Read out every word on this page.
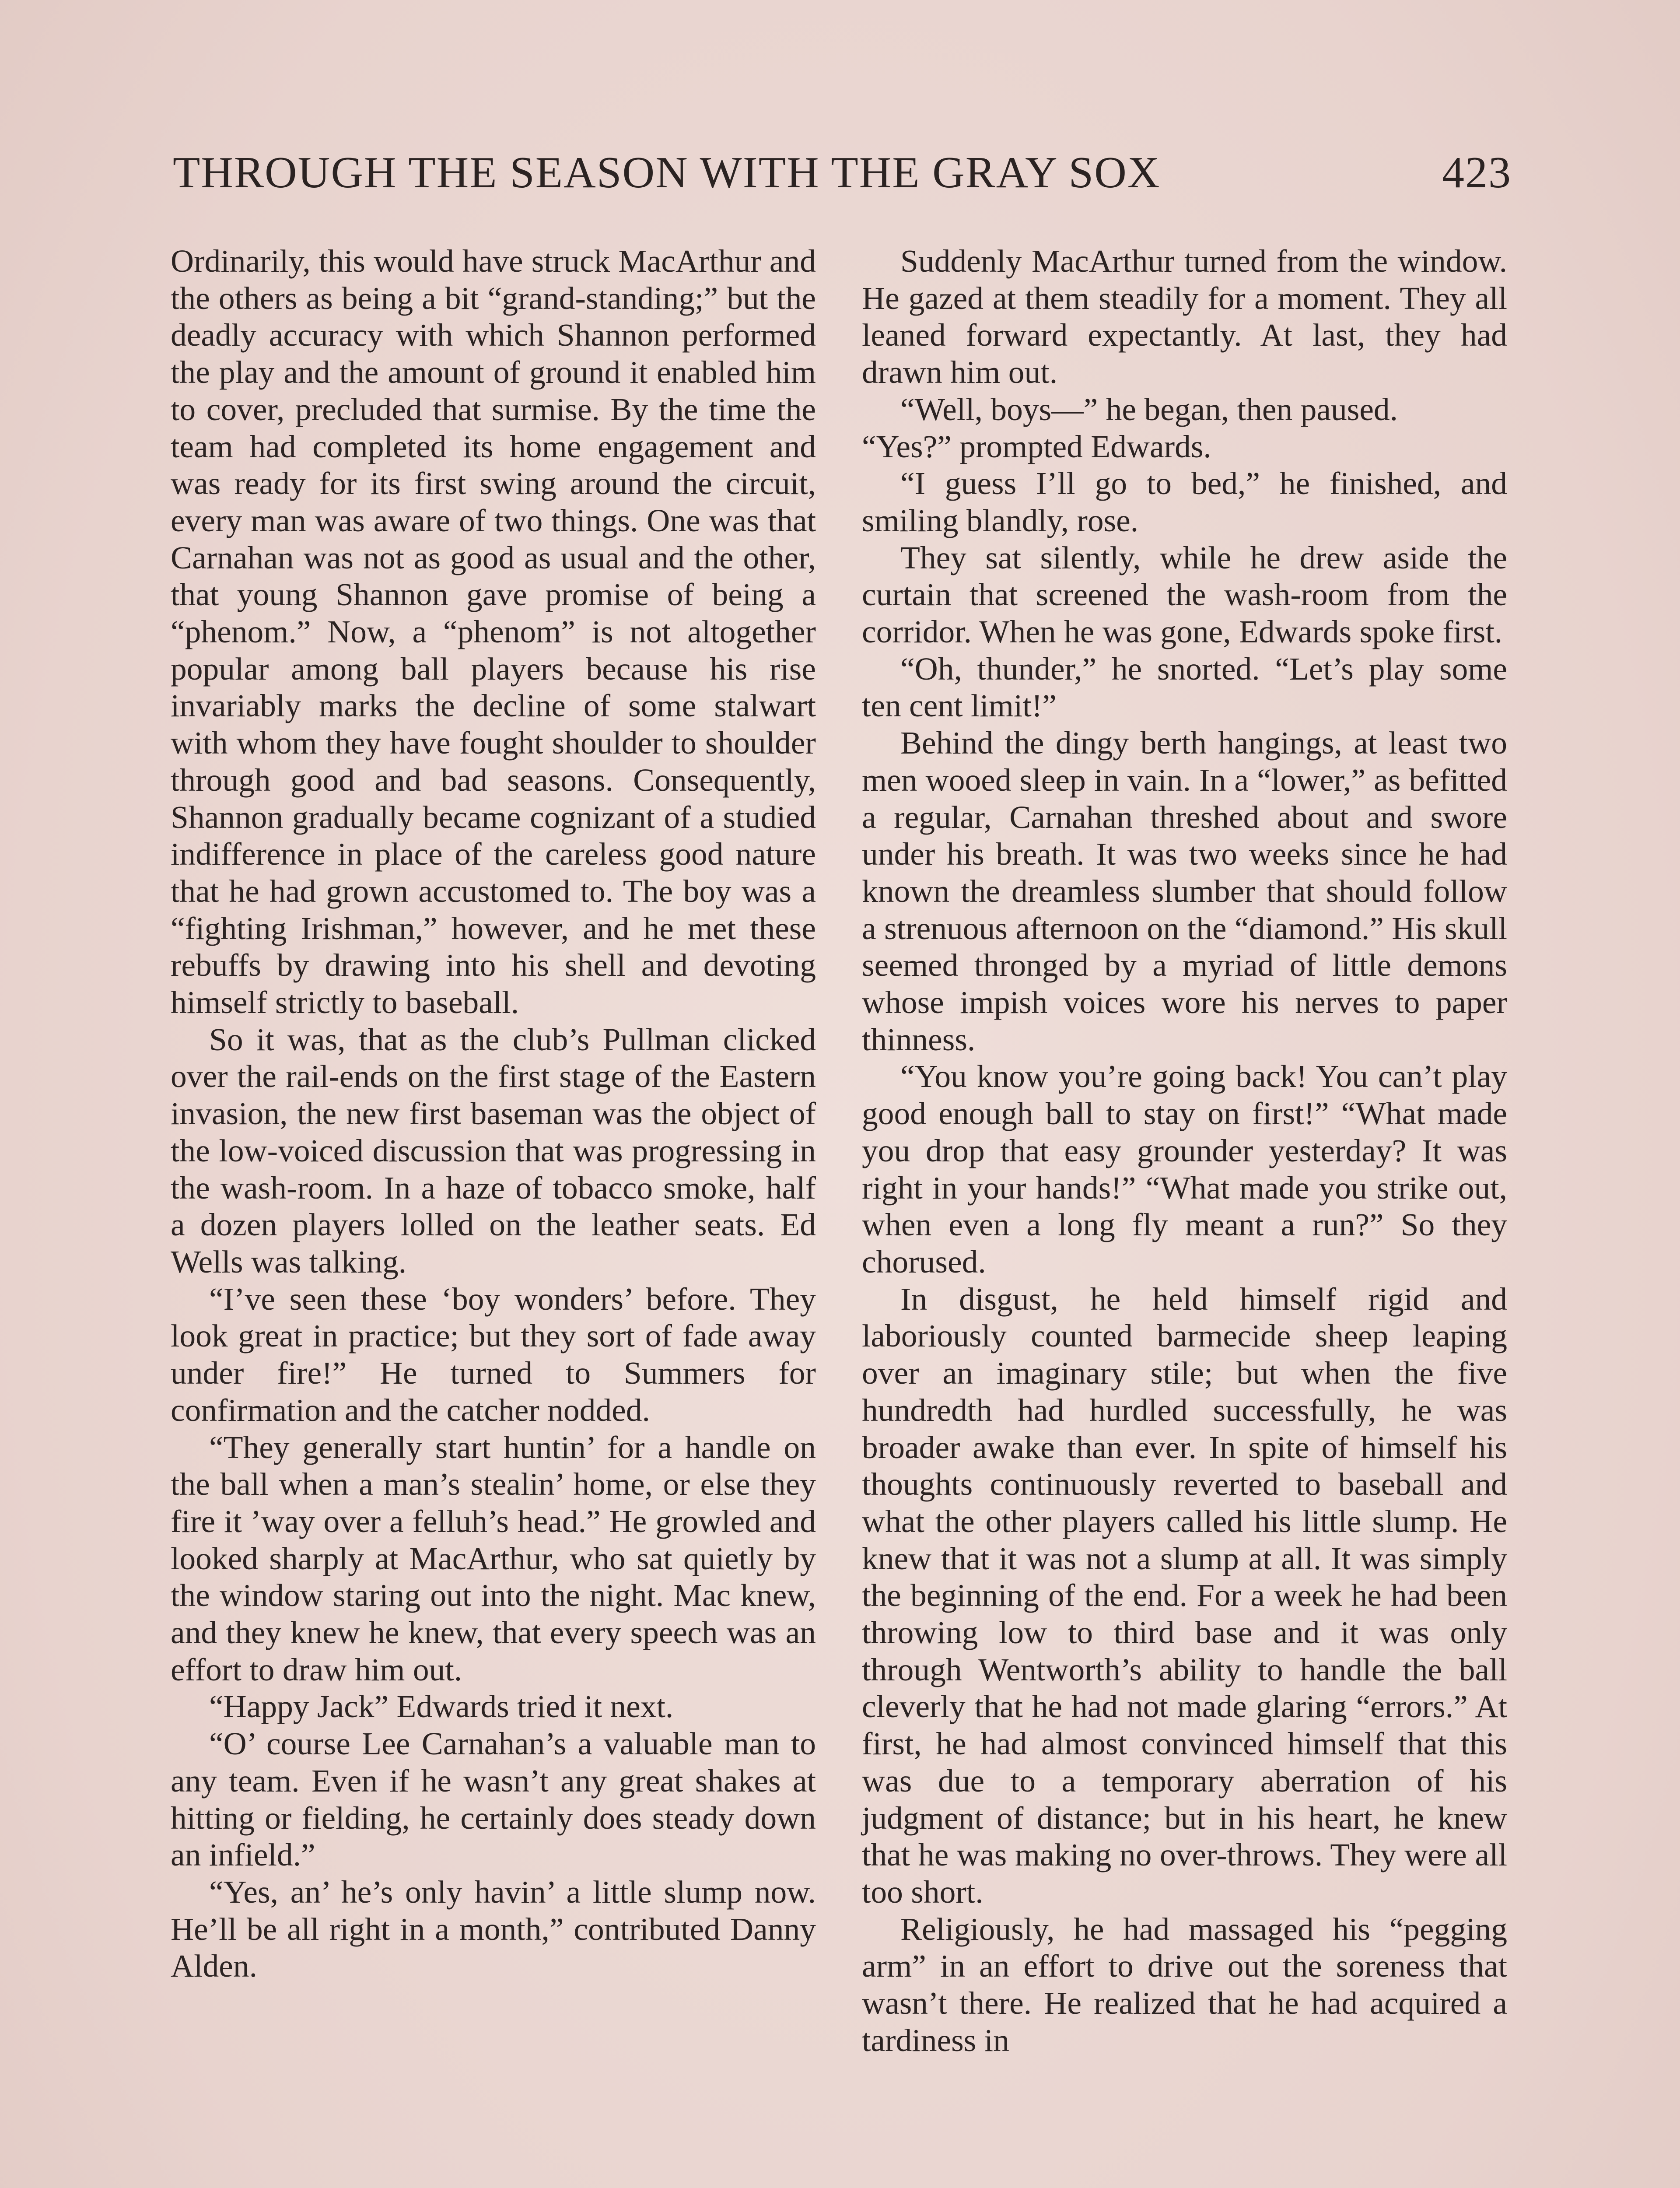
THROUGH THE SEASON WITH THE GRAY SOX	423

Ordinarily, this would have struck MacArthur and the others as being a bit “grand-standing;” but the deadly accuracy with which Shannon performed the play and the amount of ground it enabled him to cover, precluded that surmise. By the time the team had completed its home engagement and was ready for its first swing around the circuit, every man was aware of two things. One was that Carnahan was not as good as usual and the other, that young Shannon gave promise of being a “phenom.” Now, a “phenom” is not altogether popular among ball players because his rise invariably marks the decline of some stalwart with whom they have fought shoulder to shoulder through good and bad seasons. Consequently, Shannon gradually became cognizant of a studied indifference in place of the careless good nature that he had grown accustomed to. The boy was a “fighting Irishman,” however, and he met these rebuffs by drawing into his shell and devoting himself strictly to baseball.

So it was, that as the club’s Pullman clicked over the rail-ends on the first stage of the Eastern invasion, the new first baseman was the object of the low-voiced discussion that was progressing in the wash-room. In a haze of tobacco smoke, half a dozen players lolled on the leather seats. Ed Wells was talking.

“I’ve seen these ‘boy wonders’ before. They look great in practice; but they sort of fade away under fire!” He turned to Summers for confirmation and the catcher nodded.

“They generally start huntin’ for a handle on the ball when a man’s stealin’ home, or else they fire it ’way over a felluh’s head.” He growled and looked sharply at MacArthur, who sat quietly by the window staring out into the night. Mac knew, and they knew he knew, that every speech was an effort to draw him out.

“Happy Jack” Edwards tried it next.

“O’ course Lee Carnahan’s a valuable man to any team. Even if he wasn’t any great shakes at hitting or fielding, he certainly does steady down an infield.”

“Yes, an’ he’s only havin’ a little slump now. He’ll be all right in a month,” contributed Danny Alden.

Suddenly MacArthur turned from the window. He gazed at them steadily for a moment. They all leaned forward expectantly. At last, they had drawn him out.

“Well, boys—” he began, then paused.

“Yes?” prompted Edwards.

“I guess I’ll go to bed,” he finished, and smiling blandly, rose.

They sat silently, while he drew aside the curtain that screened the wash-room from the corridor. When he was gone, Edwards spoke first.

“Oh, thunder,” he snorted. “Let’s play some ten cent limit!”

Behind the dingy berth hangings, at least two men wooed sleep in vain. In a “lower,” as befitted a regular, Carnahan threshed about and swore under his breath. It was two weeks since he had known the dreamless slumber that should follow a strenuous afternoon on the “diamond.” His skull seemed thronged by a myriad of little demons whose impish voices wore his nerves to paper thinness.

“You know you’re going back! You can’t play good enough ball to stay on first!” “What made you drop that easy grounder yesterday? It was right in your hands!” “What made you strike out, when even a long fly meant a run?” So they chorused.

In disgust, he held himself rigid and laboriously counted barmecide sheep leaping over an imaginary stile; but when the five hundredth had hurdled successfully, he was broader awake than ever. In spite of himself his thoughts continuously reverted to baseball and what the other players called his little slump. He knew that it was not a slump at all. It was simply the beginning of the end. For a week he had been throwing low to third base and it was only through Wentworth’s ability to handle the ball cleverly that he had not made glaring “errors.” At first, he had almost convinced himself that this was due to a temporary aberration of his judgment of distance; but in his heart, he knew that he was making no over-throws. They were all too short.

Religiously, he had massaged his “pegging arm” in an effort to drive out the soreness that wasn’t there. He realized that he had acquired a tardiness in
